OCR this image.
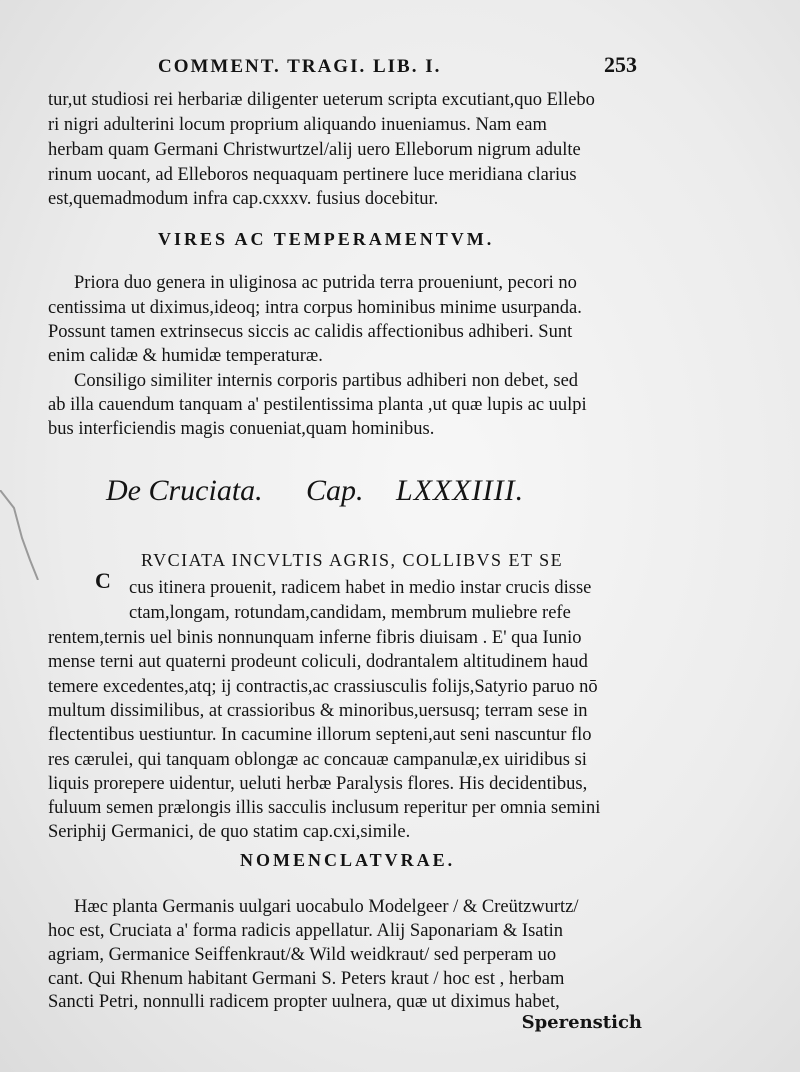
COMMENT. TRAGI. LIB. I.	253
tur,ut studiosi rei herbariæ diligenter ueterum scripta excutiant,quo Ellebo
ri nigri adulterini locum proprium aliquando inueniamus. Nam eam
herbam quam Germani Christwurtzel/alij uero Elleborum nigrum adulte
rinum uocant, ad Elleboros nequaquam pertinere luce meridiana clarius
est,quemadmodum infra cap.cxxxv. fusius docebitur.
VIRES AC TEMPERAMENTVM.
Priora duo genera in uliginosa ac putrida terra proueniunt, pecori no
centissima ut diximus,ideoq; intra corpus hominibus minime usurpanda.
Possunt tamen extrinsecus siccis ac calidis affectionibus adhiberi. Sunt
enim calidæ & humidæ temperaturæ.
Consiligo similiter internis corporis partibus adhiberi non debet, sed
ab illa cauendum tanquam a' pestilentissima planta ,ut quæ lupis ac uulpi
bus interficiendis magis conueniat,quam hominibus.
De Cruciata. Cap. LXXXIIII.
C
RVCIATA INCVLTIS AGRIS, COLLIBVS ET SE
cus itinera prouenit, radicem habet in medio instar crucis disse
ctam,longam, rotundam,candidam, membrum muliebre refe
rentem,ternis uel binis nonnunquam inferne fibris diuisam . E' qua Iunio
mense terni aut quaterni prodeunt coliculi, dodrantalem altitudinem haud
temere excedentes,atq; ij contractis,ac crassiusculis folijs,Satyrio paruo nō
multum dissimilibus, at crassioribus & minoribus,uersusq; terram sese in
flectentibus uestiuntur. In cacumine illorum septeni,aut seni nascuntur flo
res cærulei, qui tanquam oblongæ ac concauæ campanulæ,ex uiridibus si
liquis prorepere uidentur, ueluti herbæ Paralysis flores. His decidentibus,
fuluum semen prælongis illis sacculis inclusum reperitur per omnia semini
Seriphij Germanici, de quo statim cap.cxi,simile.
NOMENCLATVRAE.
Hæc planta Germanis uulgari uocabulo Modelgeer / & Creützwurtz/
hoc est, Cruciata a' forma radicis appellatur. Alij Saponariam & Isatin
agriam, Germanice Seiffenkraut/& Wild weidkraut/ sed perperam uo
cant. Qui Rhenum habitant Germani S. Peters kraut / hoc est , herbam
Sancti Petri, nonnulli radicem propter uulnera, quæ ut diximus habet,
Sperenstich
